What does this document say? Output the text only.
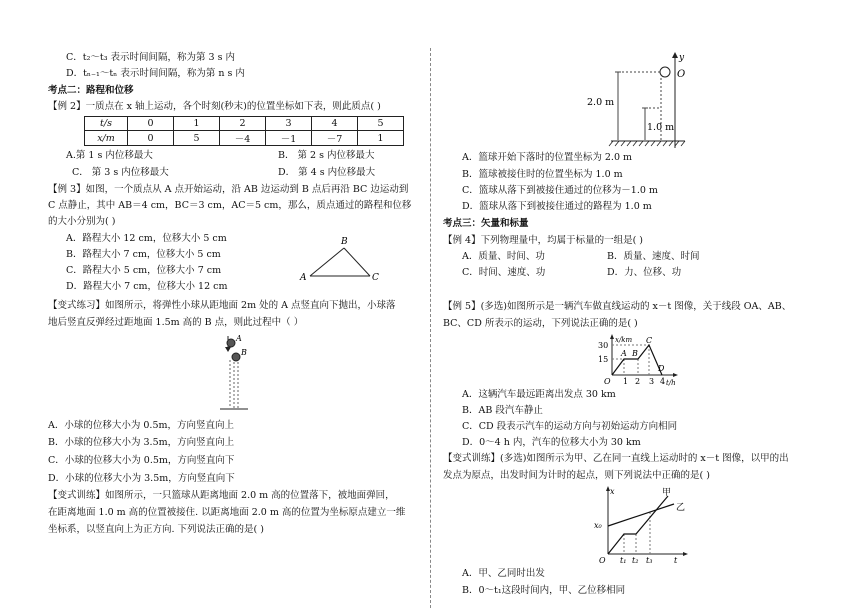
C．t₂～t₃ 表示时间间隔，称为第 3 s 内
D．tₙ₋₁～tₙ 表示时间间隔，称为第 n s 内
考点二：路程和位移
【例 2】一质点在 x 轴上运动，各个时刻(秒末)的位置坐标如下表，则此质点( )
t/s	0	1	2	3	4	5
x/m	0	5	－4	－1	－7	1
A.第 1 s 内位移最大	B． 第 2 s 内位移最大
C． 第 3 s 内位移最大	D． 第 4 s 内位移最大
【例 3】如图，一个质点从 A 点开始运动，沿 AB 边运动到 B 点后再沿 BC 边运动到
C 点静止，其中 AB＝4 cm，BC＝3 cm，AC＝5 cm，那么，质点通过的路程和位移
的大小分别为( )
A．路程大小 12 cm，位移大小 5 cm
B．路程大小 7 cm，位移大小 5 cm
C．路程大小 5 cm，位移大小 7 cm
D．路程大小 7 cm，位移大小 12 cm
A
B
C
【变式练习】如图所示，将弹性小球从距地面 2m 处的 A 点竖直向下抛出，小球落
地后竖直反弹经过距地面 1.5m 高的 B 点，则此过程中（ ）
A
B
A．小球的位移大小为 0.5m，方向竖直向上
B．小球的位移大小为 3.5m，方向竖直向上
C．小球的位移大小为 0.5m，方向竖直向下
D．小球的位移大小为 3.5m，方向竖直向下
【变式训练】如图所示，一只篮球从距离地面 2.0 m 高的位置落下，被地面弹回，
在距离地面 1.0 m 高的位置被接住. 以距离地面 2.0 m 高的位置为坐标原点建立一维
坐标系，以竖直向上为正方向. 下列说法正确的是( )
y
O
2.0 m
1.0 m
A．篮球开始下落时的位置坐标为 2.0 m
B．篮球被接住时的位置坐标为 1.0 m
C．篮球从落下到被接住通过的位移为－1.0 m
D．篮球从落下到被接住通过的路程为 1.0 m
考点三：矢量和标量
【例 4】下列物理量中，均属于标量的一组是( )
A．质量、时间、功	B．质量、速度、时间
C．时间、速度、功	D．力、位移、功
【例 5】(多选)如图所示是一辆汽车做直线运动的 x－t 图像，关于线段 OA、AB、
BC、CD 所表示的运动，下列说法正确的是( )
x/km
t/h
30
15
O 1 2 3 4
A B
C
D
A．这辆汽车最远距离出发点 30 km
B．AB 段汽车静止
C．CD 段表示汽车的运动方向与初始运动方向相同
D．0～4 h 内，汽车的位移大小为 30 km
【变式训练】(多选)如图所示为甲、乙在同一直线上运动时的 x－t 图像，以甲的出
发点为原点，出发时间为计时的起点，则下列说法中正确的是( )
x
t
O
x₀
t₁ t₂ t₃
甲
乙
A．甲、乙同时出发
B．0～t₁这段时间内，甲、乙位移相同
